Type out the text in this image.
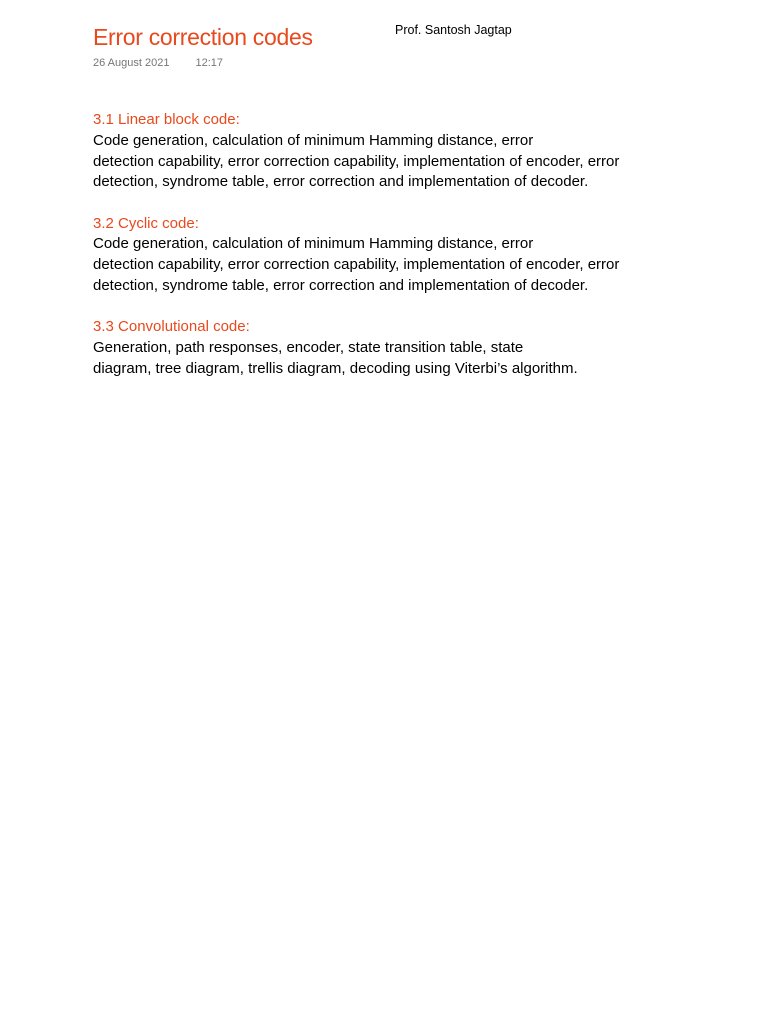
Error correction codes	Prof. Santosh Jagtap
26 August 2021 12:17
3.1 Linear block code:
Code generation, calculation of minimum Hamming distance, error
detection capability, error correction capability, implementation of encoder, error
detection, syndrome table, error correction and implementation of decoder.
3.2 Cyclic code:
Code generation, calculation of minimum Hamming distance, error
detection capability, error correction capability, implementation of encoder, error
detection, syndrome table, error correction and implementation of decoder.
3.3 Convolutional code:
Generation, path responses, encoder, state transition table, state
diagram, tree diagram, trellis diagram, decoding using Viterbi’s algorithm.
